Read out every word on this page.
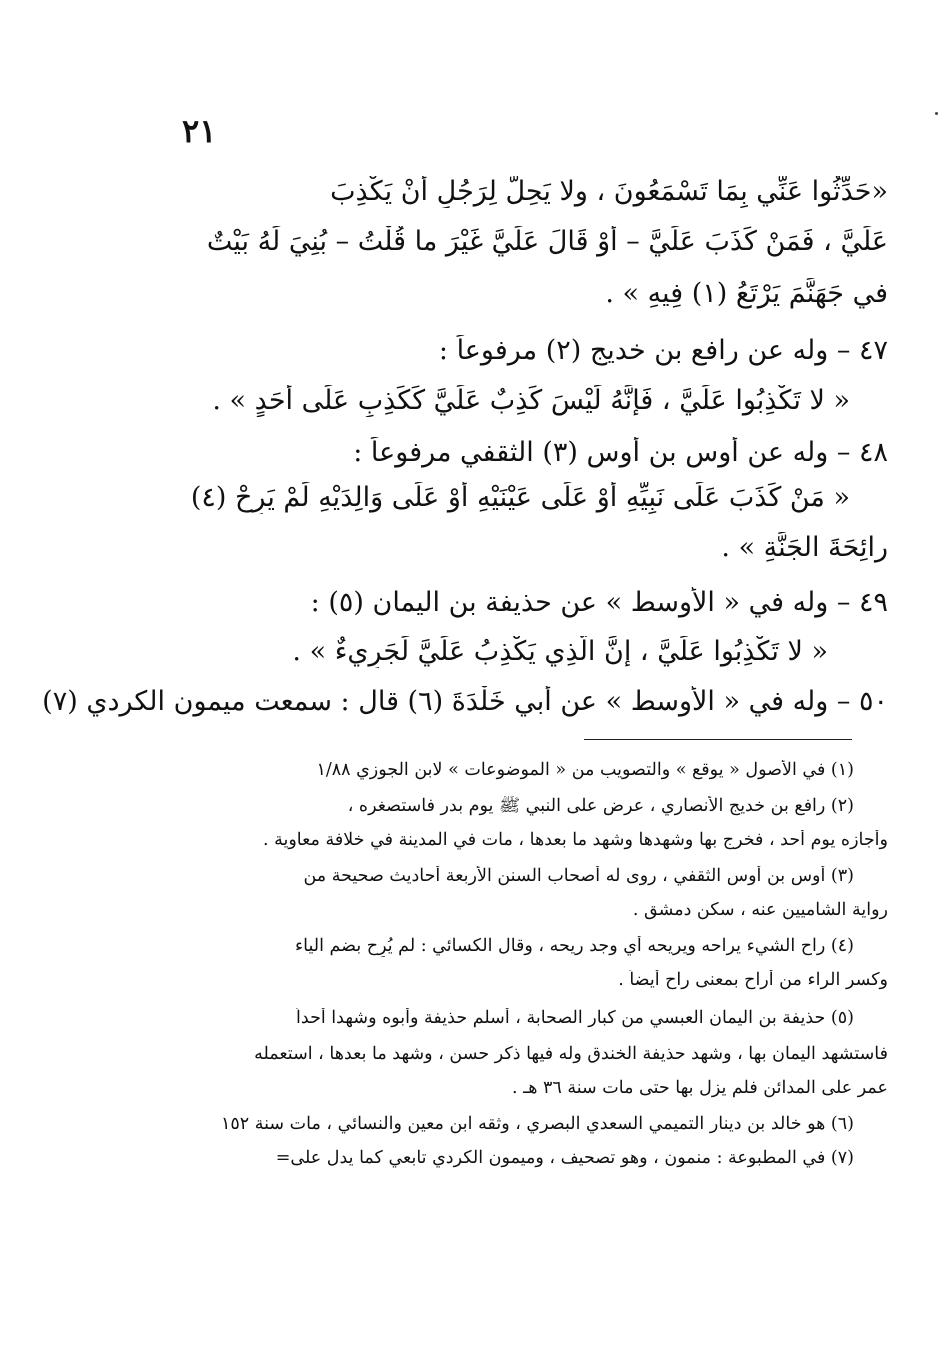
٢١
«حَدِّثُوا عَنِّي بِمَا تَسْمَعُونَ ، ولا يَحِلُّ لِرَجُلٍ أَنْ يَكْذِبَ
عَلَيَّ ، فَمَنْ كَذَبَ عَلَيَّ – أَوْ قَالَ عَلَيَّ غَيْرَ ما قُلْتُ – بُنِيَ لَهُ بَيْتٌ
في جَهَنَّمَ يَرْتَعُ (١) فِيهِ » .
٤٧ – وله عن رافع بن خديج (٢) مرفوعاً :
« لا تَكْذِبُوا عَلَيَّ ، فَإِنَّهُ لَيْسَ كَذِبٌ عَلَيَّ كَكَذِبٍ عَلَى أَحَدٍ » .
٤٨ – وله عن أوس بن أوس (٣) الثقفي مرفوعاً :
« مَنْ كَذَبَ عَلَى نَبِيِّهِ أَوْ عَلَى عَيْنَيْهِ أَوْ عَلَى وَالِدَيْهِ لَمْ يَرِحْ (٤)
رائِحَةَ الجَنَّةِ » .
٤٩ – وله في « الأوسط » عن حذيفة بن اليمان (٥) :
« لا تَكْذِبُوا عَلَيَّ ، إِنَّ الَّذِي يَكْذِبُ عَلَيَّ لَجَرِيءٌ » .
٥٠ – وله في « الأوسط » عن أبي خَلْدَةَ (٦) قال : سمعت ميمون الكردي (٧)
(١) في الأصول « يوقع » والتصويب من « الموضوعات » لابن الجوزي ١/٨٨
(٢) رافع بن خديج الأنصاري ، عرض على النبي ﷺ يوم بدر فاستصغره ،
وأجازه يوم أحد ، فخرج بها وشهدها وشهد ما بعدها ، مات في المدينة في خلافة معاوية .
(٣) أوس بن أوس الثقفي ، روى له أصحاب السنن الأربعة أحاديث صحيحة من
رواية الشاميين عنه ، سكن دمشق .
(٤) راح الشيء يراحه ويريحه أي وجد ريحه ، وقال الكسائي : لم يُرِح بضم الياء
وكسر الراء من أراح بمعنى راح أيضاً .
(٥) حذيفة بن اليمان العبسي من كبار الصحابة ، أسلم حذيفة وأبوه وشهدا أحداً
فاستشهد اليمان بها ، وشهد حذيفة الخندق وله فيها ذكر حسن ، وشهد ما بعدها ، استعمله
عمر على المدائن فلم يزل بها حتى مات سنة ٣٦ هـ .
(٦) هو خالد بن دينار التميمي السعدي البصري ، وثقه ابن معين والنسائي ، مات سنة ١٥٢
(٧) في المطبوعة : منمون ، وهو تصحيف ، وميمون الكردي تابعي كما يدل على=
